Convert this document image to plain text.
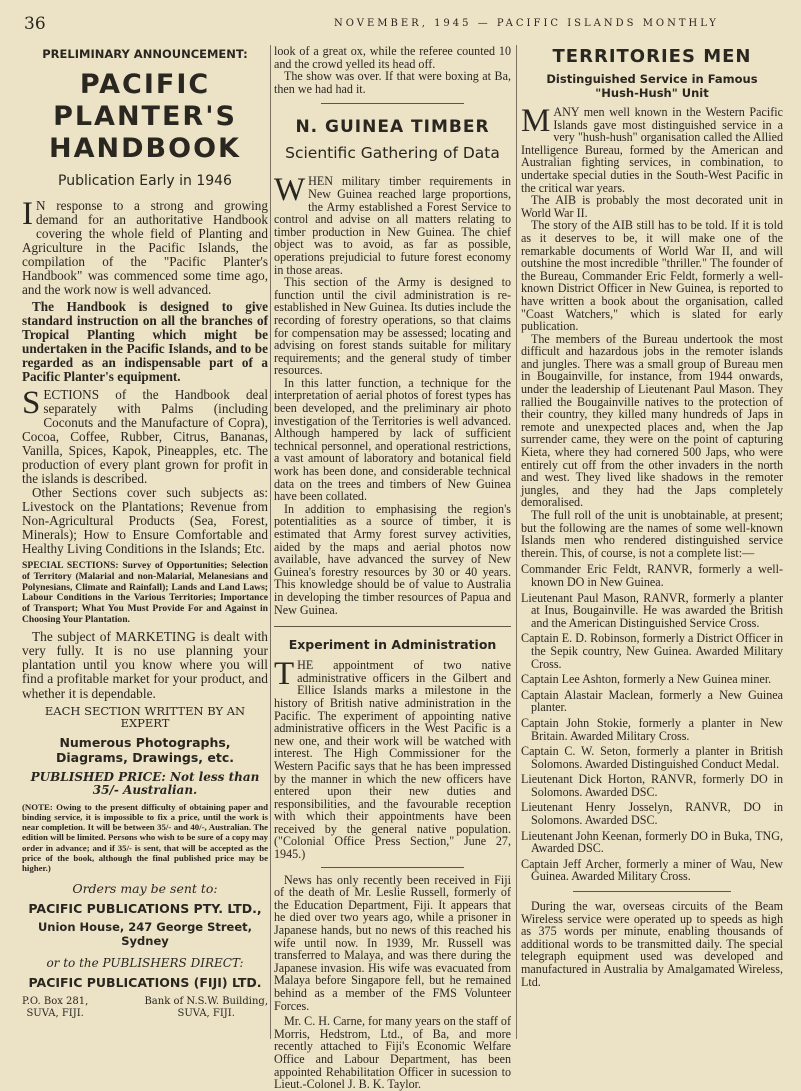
36	NOVEMBER, 1945 — PACIFIC ISLANDS MONTHLY

PRELIMINARY ANNOUNCEMENT:

PACIFIC PLANTER'S HANDBOOK

Publication Early in 1946

I N response to a strong and growing demand for an authoritative Handbook covering the whole field of Planting and Agriculture in the Pacific Islands, the compilation of the "Pacific Planter's Handbook" was commenced some time ago, and the work now is well advanced.

The Handbook is designed to give standard instruction on all the branches of Tropical Planting which might be undertaken in the Pacific Islands, and to be regarded as an indispensable part of a Pacific Planter's equipment.

SECTIONS of the Handbook deal separately with Palms (including Coconuts and the Manufacture of Copra), Cocoa, Coffee, Rubber, Citrus, Bananas, Vanilla, Spices, Kapok, Pineapples, etc. The production of every plant grown for profit in the islands is described.

Other Sections cover such subjects as: Livestock on the Plantations; Revenue from Non-Agricultural Products (Sea, Forest, Minerals); How to Ensure Comfortable and Healthy Living Conditions in the Islands; Etc.

SPECIAL SECTIONS: Survey of Opportunities; Selection of Territory (Malarial and non-Malarial, Melanesians and Polynesians, Climate and Rainfall); Lands and Land Laws; Labour Conditions in the Various Territories; Importance of Transport; What You Must Provide For and Against in Choosing Your Plantation.

The subject of MARKETING is dealt with very fully. It is no use planning your plantation until you know where you will find a profitable market for your product, and whether it is dependable.

EACH SECTION WRITTEN BY AN EXPERT

Numerous Photographs, Diagrams, Drawings, etc.

PUBLISHED PRICE: Not less than 35/- Australian.

(NOTE: Owing to the present difficulty of obtaining paper and binding service, it is impossible to fix a price, until the work is near completion. It will be between 35/- and 40/-, Australian. The edition will be limited. Persons who wish to be sure of a copy may order in advance; and if 35/- is sent, that will be accepted as the price of the book, although the final published price may be higher.)

Orders may be sent to:

PACIFIC PUBLICATIONS PTY. LTD.,

Union House, 247 George Street, Sydney

or to the PUBLISHERS DIRECT:

PACIFIC PUBLICATIONS (FIJI) LTD.

P.O. Box 281,
SUVA, FIJI.
Bank of N.S.W. Building,
SUVA, FIJI.

look of a great ox, while the referee counted 10 and the crowd yelled its head off.

The show was over. If that were boxing at Ba, then we had had it.

N. GUINEA TIMBER

Scientific Gathering of Data

WHEN military timber requirements in New Guinea reached large proportions, the Army established a Forest Service to control and advise on all matters relating to timber production in New Guinea. The chief object was to avoid, as far as possible, operations prejudicial to future forest economy in those areas.

This section of the Army is designed to function until the civil administration is re-established in New Guinea. Its duties include the recording of forestry operations, so that claims for compensation may be assessed; locating and advising on forest stands suitable for military requirements; and the general study of timber resources.

In this latter function, a technique for the interpretation of aerial photos of forest types has been developed, and the preliminary air photo investigation of the Territories is well advanced. Although hampered by lack of sufficient technical personnel, and operational restrictions, a vast amount of laboratory and botanical field work has been done, and considerable technical data on the trees and timbers of New Guinea have been collated.

In addition to emphasising the region's potentialities as a source of timber, it is estimated that Army forest survey activities, aided by the maps and aerial photos now available, have advanced the survey of New Guinea's forestry resources by 30 or 40 years. This knowledge should be of value to Australia in developing the timber resources of Papua and New Guinea.

Experiment in Administration

THE appointment of two native administrative officers in the Gilbert and Ellice Islands marks a milestone in the history of British native administration in the Pacific. The experiment of appointing native administrative officers in the West Pacific is a new one, and their work will be watched with interest. The High Commissioner for the Western Pacific says that he has been impressed by the manner in which the new officers have entered upon their new duties and responsibilities, and the favourable reception with which their appointments have been received by the general native population. ("Colonial Office Press Section," June 27, 1945.)

News has only recently been received in Fiji of the death of Mr. Leslie Russell, formerly of the Education Department, Fiji. It appears that he died over two years ago, while a prisoner in Japanese hands, but no news of this reached his wife until now. In 1939, Mr. Russell was transferred to Malaya, and was there during the Japanese invasion. His wife was evacuated from Malaya before Singapore fell, but he remained behind as a member of the FMS Volunteer Forces.

Mr. C. H. Carne, for many years on the staff of Morris, Hedstrom, Ltd., of Ba, and more recently attached to Fiji's Economic Welfare Office and Labour Department, has been appointed Rehabilitation Officer in sucession to Lieut.-Colonel J. B. K. Taylor.

TERRITORIES MEN

Distinguished Service in Famous

"Hush-Hush" Unit

MANY men well known in the Western Pacific Islands gave most distinguished service in a very "hush-hush" organisation called the Allied Intelligence Bureau, formed by the American and Australian fighting services, in combination, to undertake special duties in the South-West Pacific in the critical war years.

The AIB is probably the most decorated unit in World War II.

The story of the AIB still has to be told. If it is told as it deserves to be, it will make one of the remarkable documents of World War II, and will outshine the most incredible "thriller." The founder of the Bureau, Commander Eric Feldt, formerly a well-known District Officer in New Guinea, is reported to have written a book about the organisation, called "Coast Watchers," which is slated for early publication.

The members of the Bureau undertook the most difficult and hazardous jobs in the remoter islands and jungles. There was a small group of Bureau men in Bougainville, for instance, from 1944 onwards, under the leadership of Lieutenant Paul Mason. They rallied the Bougainville natives to the protection of their country, they killed many hundreds of Japs in remote and unexpected places and, when the Jap surrender came, they were on the point of capturing Kieta, where they had cornered 500 Japs, who were entirely cut off from the other invaders in the north and west. They lived like shadows in the remoter jungles, and they had the Japs completely demoralised.

The full roll of the unit is unobtainable, at present; but the following are the names of some well-known Islands men who rendered distinguished service therein. This, of course, is not a complete list:—

Commander Eric Feldt, RANVR, formerly a well-known DO in New Guinea.

Lieutenant Paul Mason, RANVR, formerly a planter at Inus, Bougainville. He was awarded the British and the American Distinguished Service Cross.

Captain E. D. Robinson, formerly a District Officer in the Sepik country, New Guinea. Awarded Military Cross.

Captain Lee Ashton, formerly a New Guinea miner.

Captain Alastair Maclean, formerly a New Guinea planter.

Captain John Stokie, formerly a planter in New Britain. Awarded Military Cross.

Captain C. W. Seton, formerly a planter in British Solomons. Awarded Distinguished Conduct Medal.

Lieutenant Dick Horton, RANVR, formerly DO in Solomons. Awarded DSC.

Lieutenant Henry Josselyn, RANVR, DO in Solomons. Awarded DSC.

Lieutenant John Keenan, formerly DO in Buka, TNG, Awarded DSC.

Captain Jeff Archer, formerly a miner of Wau, New Guinea. Awarded Military Cross.

During the war, overseas circuits of the Beam Wireless service were operated up to speeds as high as 375 words per minute, enabling thousands of additional words to be transmitted daily. The special telegraph equipment used was developed and manufactured in Australia by Amalgamated Wireless, Ltd.
